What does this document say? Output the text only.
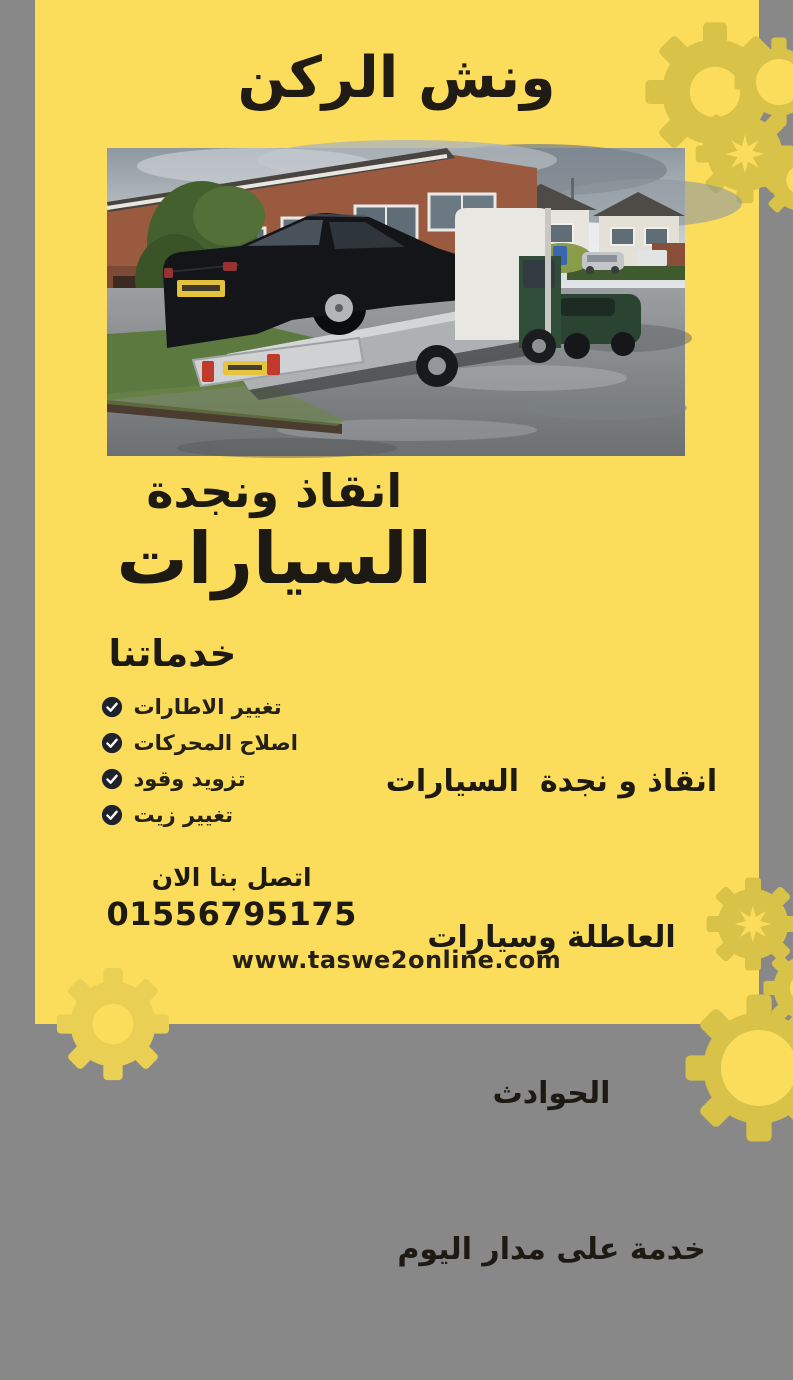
ونش الركن
انقاذ ونجدة
السيارات
خدماتنا
تغيير الاطارات
اصلاح المحركات
تزويد وقود
تغيير زيت

انقاذ و نجدة  السيارات

العاطلة وسيارات

الحوادث

خدمة على مدار اليوم

اتصل بنا الان
01556795175
www.taswe2online.com
